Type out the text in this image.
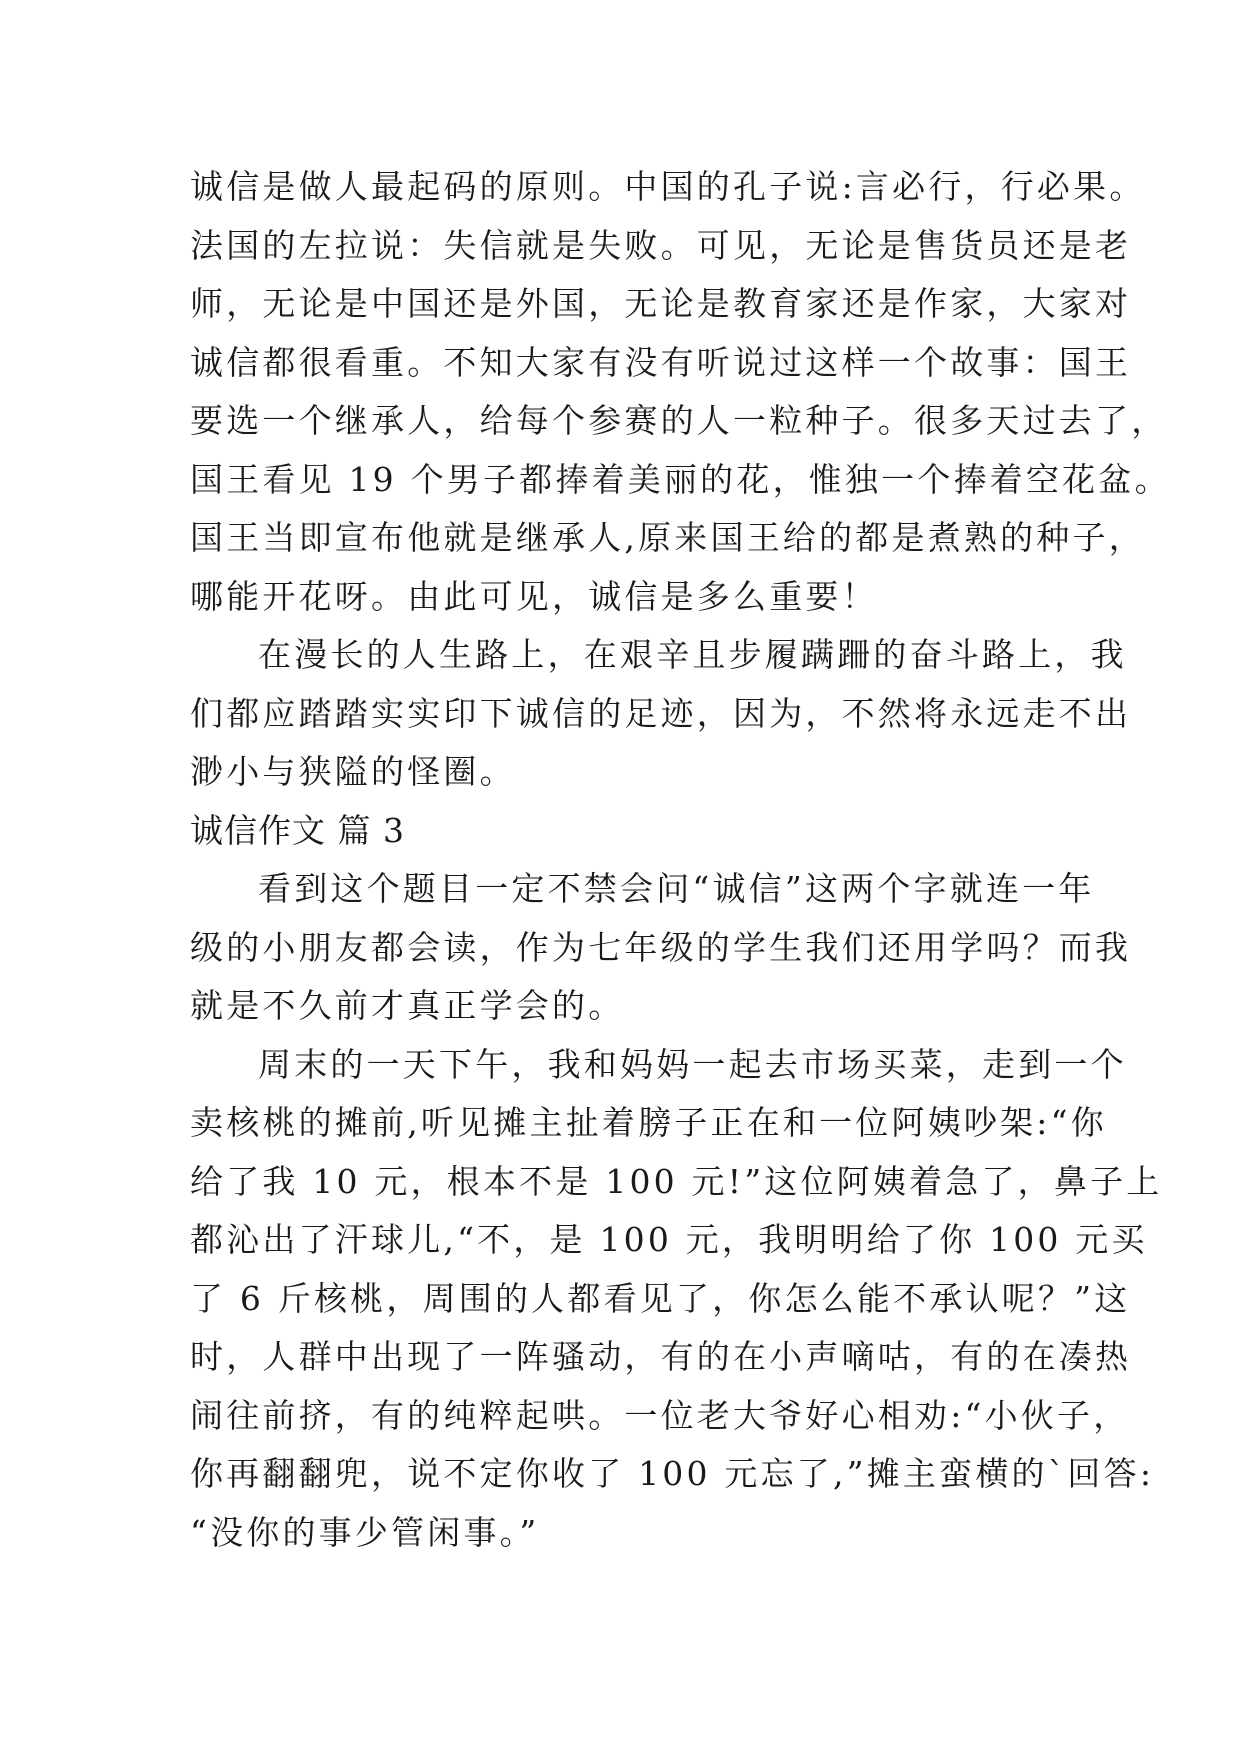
诚信是做人最起码的原则。中国的孔子说:言必行，行必果。
法国的左拉说：失信就是失败。可见，无论是售货员还是老
师，无论是中国还是外国，无论是教育家还是作家，大家对
诚信都很看重。不知大家有没有听说过这样一个故事：国王
要选一个继承人，给每个参赛的人一粒种子。很多天过去了，
国王看见 19 个男子都捧着美丽的花，惟独一个捧着空花盆。
国王当即宣布他就是继承人,原来国王给的都是煮熟的种子，
哪能开花呀。由此可见，诚信是多么重要！
在漫长的人生路上，在艰辛且步履蹒跚的奋斗路上，我
们都应踏踏实实印下诚信的足迹，因为，不然将永远走不出
渺小与狭隘的怪圈。
诚信作文 篇 3
看到这个题目一定不禁会问“诚信”这两个字就连一年
级的小朋友都会读，作为七年级的学生我们还用学吗？而我
就是不久前才真正学会的。
周末的一天下午，我和妈妈一起去市场买菜，走到一个
卖核桃的摊前,听见摊主扯着膀子正在和一位阿姨吵架:“你
给了我 10 元，根本不是 100 元!”这位阿姨着急了，鼻子上
都沁出了汗球儿,“不，是 100 元，我明明给了你 100 元买
了 6 斤核桃，周围的人都看见了，你怎么能不承认呢？”这
时，人群中出现了一阵骚动，有的在小声嘀咕，有的在凑热
闹往前挤，有的纯粹起哄。一位老大爷好心相劝:“小伙子，
你再翻翻兜，说不定你收了 100 元忘了,”摊主蛮横的`回答:
“没你的事少管闲事。”
